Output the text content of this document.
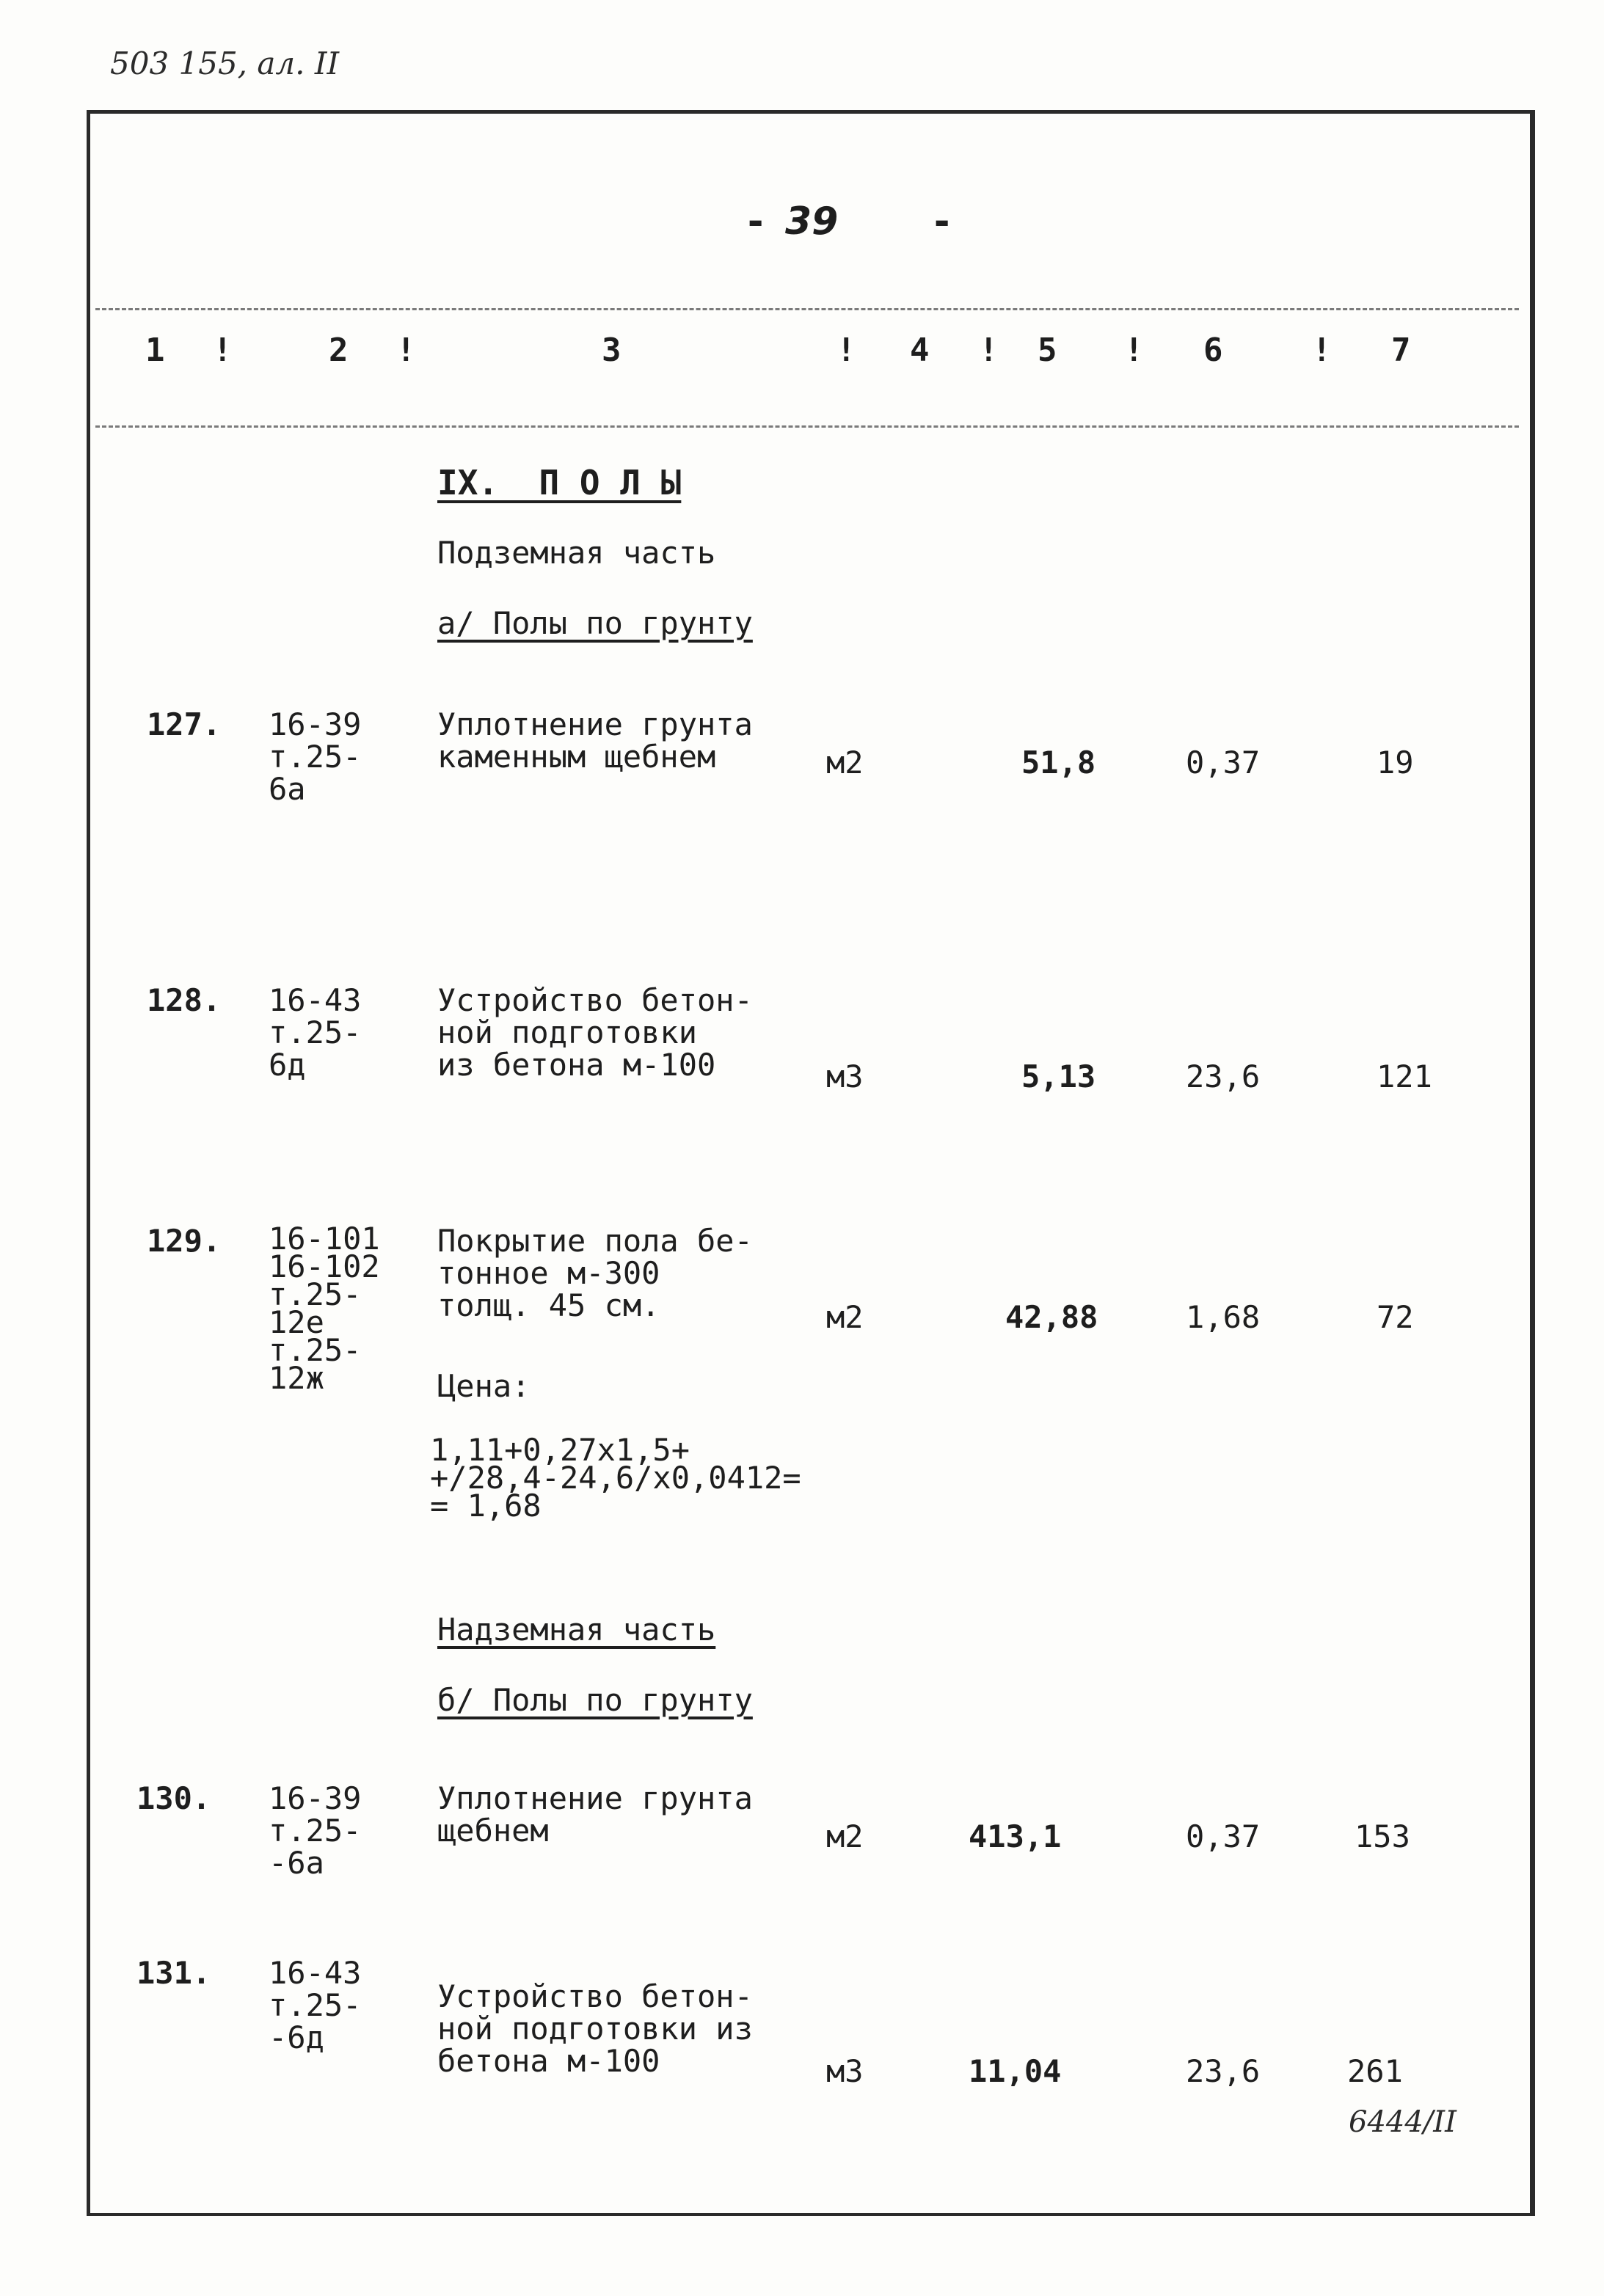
503 155, ал. II
- 39 -
1 !	2 !	3	! 4 ! 5 ! 6	! 7
IX.  П О Л Ы
Подземная часть
а/ Полы по грунту
127. 16-39
т.25-
6а
Уплотнение грунта
каменным щебнем	м2	51,8	0,37	19
128. 16-43
т.25-
6д
Устройство бетон-
ной подготовки
из бетона м-100	м3	5,13	23,6	121
129. 16-101
16-102
т.25-
12е
т.25-
12ж
Покрытие пола бе-
тонное м-300
толщ. 45 см.	м2	42,88	1,68	72
Цена:
1,11+0,27х1,5+
+/28,4-24,6/х0,0412=
= 1,68
Надземная часть
б/ Полы по грунту
130. 16-39
т.25-
-6а
Уплотнение грунта
щебнем	м2	413,1	0,37	153
131. 16-43
т.25-
-6д
Устройство бетон-
ной подготовки из
бетона м-100	м3	11,04	23,6	261
6444/II
